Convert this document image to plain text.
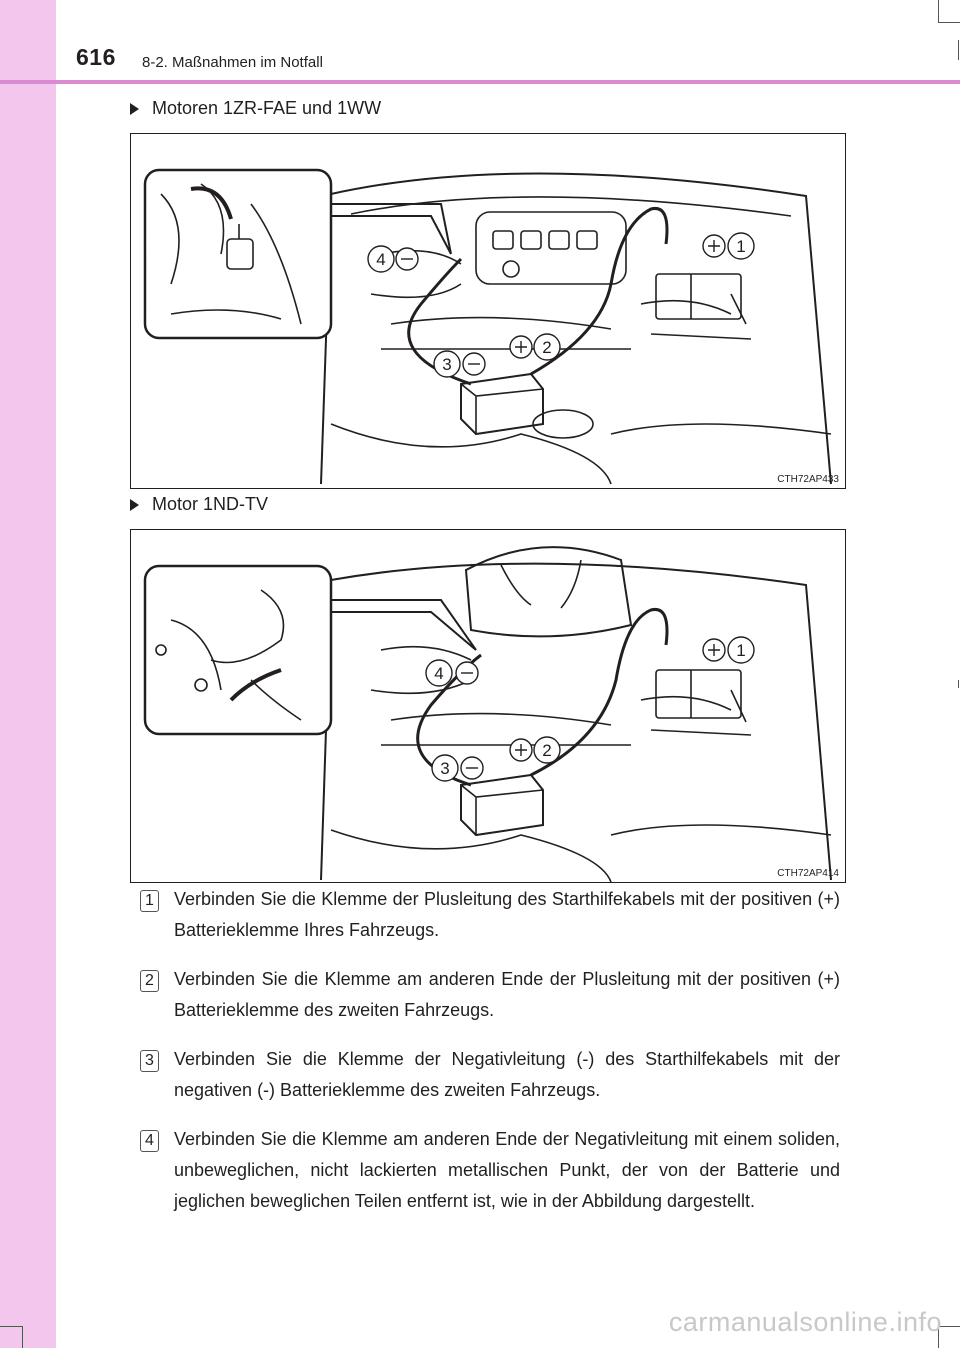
616 8-2. Maßnahmen im Notfall
Motoren 1ZR-FAE und 1WW
1
2
3
4
CTH72AP433
Motor 1ND-TV
1
2
3
4
CTH72AP414
1	Verbinden Sie die Klemme der Plusleitung des Starthilfekabels mit der positiven (+) Batterieklemme Ihres Fahrzeugs.
2	Verbinden Sie die Klemme am anderen Ende der Plusleitung mit der positiven (+) Batterieklemme des zweiten Fahrzeugs.
3	Verbinden Sie die Klemme der Negativleitung (-) des Starthilfekabels mit der negativen (-) Batterieklemme des zweiten Fahrzeugs.
4	Verbinden Sie die Klemme am anderen Ende der Negativleitung mit einem soliden, unbeweglichen, nicht lackierten metallischen Punkt, der von der Batterie und jeglichen beweglichen Teilen entfernt ist, wie in der Abbildung dargestellt.
carmanualsonline.info
